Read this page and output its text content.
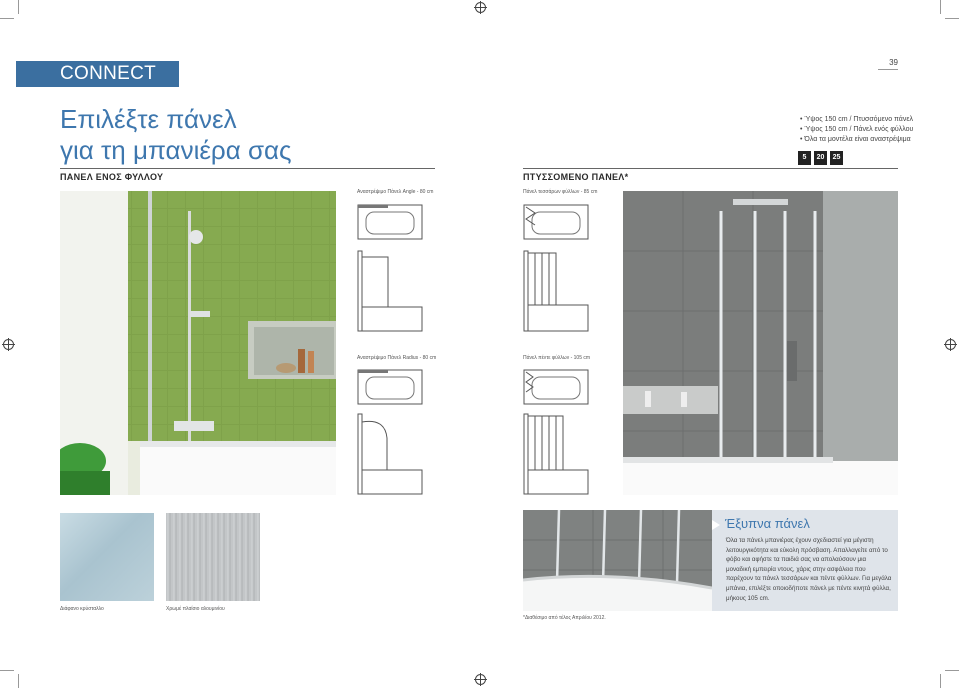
CONNECT
39
Επιλέξτε πάνελ
για τη μπανιέρα σας
• Ύψος 150 cm / Πτυσσόμενο πάνελ
• Ύψος 150 cm / Πάνελ ενός φύλλου
• Όλα τα μοντέλα είναι αναστρέψιμα
5	20	25
ΠΑΝΕΛ ΕΝΟΣ ΦΥΛΛΟΥ	ΠΤΥΣΣΟΜΕΝΟ ΠΑΝΕΛ*
Αναστρέψιμο Πάνελ Angle - 80 cm
Αναστρέψιμο Πάνελ Radius - 80 cm
Πάνελ τεσσάρων φύλλων - 85 cm
Πάνελ πέντε φύλλων - 105 cm
Διάφανο κρύσταλλο	Χρωμέ πλαίσιο αλουμινίου
*Διαθέσιμο από τέλος Απριλίου 2012.
Έξυπνα πάνελ
Όλα τα πάνελ μπανιέρας έχουν σχεδιαστεί για μέγιστη λειτουργικότητα και εύκολη πρόσβαση. Απαλλαγείτε από το φόβο και αφήστε τα παιδιά σας να απολαύσουν μια μοναδική εμπειρία ντους, χάρις στην ασφάλεια που παρέχουν τα πάνελ τεσσάρων και πέντε φύλλων. Για μεγάλα μπάνια, επιλέξτε οποιοδήποτε πάνελ με πέντε κινητά φύλλα, μήκους 105 cm.
